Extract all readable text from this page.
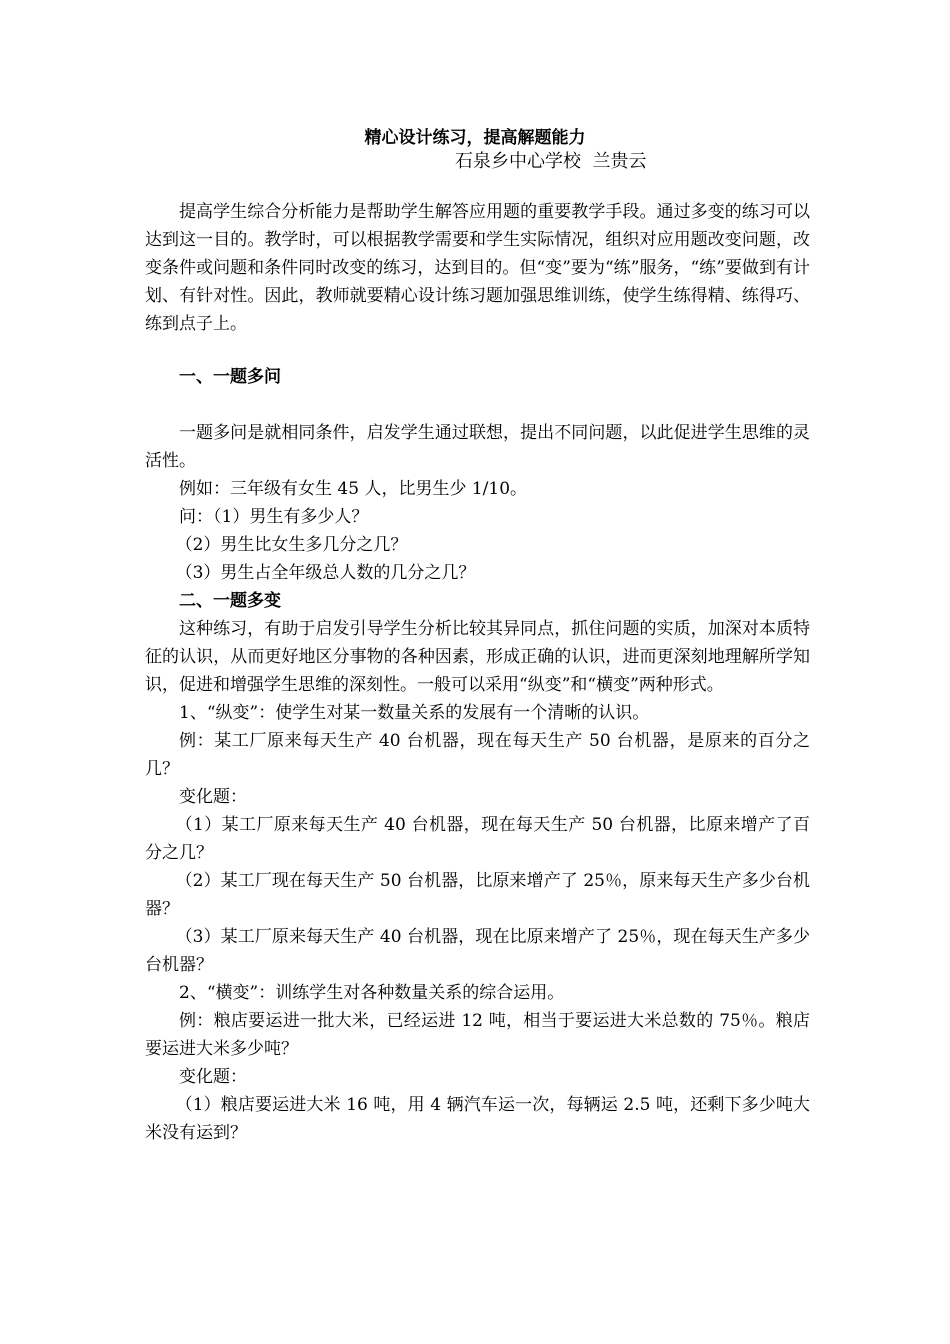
精心设计练习，提高解题能力
石泉乡中心学校  兰贵云

提高学生综合分析能力是帮助学生解答应用题的重要教学手段。通过多变的练习可以达到这一目的。教学时，可以根据教学需要和学生实际情况，组织对应用题改变问题，改变条件或问题和条件同时改变的练习，达到目的。但“变”要为“练”服务，“练”要做到有计划、有针对性。因此，教师就要精心设计练习题加强思维训练，使学生练得精、练得巧、练到点子上。

一、一题多问

一题多问是就相同条件，启发学生通过联想，提出不同问题，以此促进学生思维的灵活性。

例如：三年级有女生 45 人，比男生少 1/10。

问：（1）男生有多少人？

（2）男生比女生多几分之几？

（3）男生占全年级总人数的几分之几？

二、一题多变

这种练习，有助于启发引导学生分析比较其异同点，抓住问题的实质，加深对本质特征的认识，从而更好地区分事物的各种因素，形成正确的认识，进而更深刻地理解所学知识，促进和增强学生思维的深刻性。一般可以采用“纵变”和“横变”两种形式。

1、“纵变”：使学生对某一数量关系的发展有一个清晰的认识。

例：某工厂原来每天生产 40 台机器，现在每天生产 50 台机器，是原来的百分之几？

变化题：

（1）某工厂原来每天生产 40 台机器，现在每天生产 50 台机器，比原来增产了百分之几？

（2）某工厂现在每天生产 50 台机器，比原来增产了 25％，原来每天生产多少台机器？

（3）某工厂原来每天生产 40 台机器，现在比原来增产了 25％，现在每天生产多少台机器？

2、“横变”：训练学生对各种数量关系的综合运用。

例：粮店要运进一批大米，已经运进 12 吨，相当于要运进大米总数的 75％。粮店要运进大米多少吨？

变化题：

（1）粮店要运进大米 16 吨，用 4 辆汽车运一次，每辆运 2.5 吨，还剩下多少吨大米没有运到？
